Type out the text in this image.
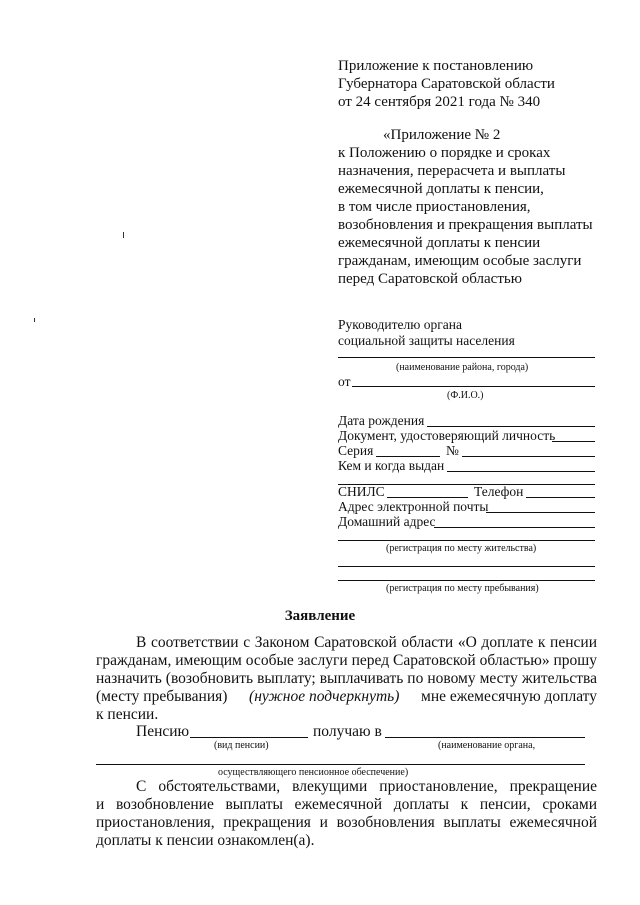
Приложение к постановлению
Губернатора Саратовской области
от 24 сентября 2021 года № 340
«Приложение № 2
к Положению о порядке и сроках
назначения, перерасчета и выплаты
ежемесячной доплаты к пенсии,
в том числе приостановления,
возобновления и прекращения выплаты
ежемесячной доплаты к пенсии
гражданам, имеющим особые заслуги
перед Саратовской областью
Руководителю органа
социальной защиты населения
(наименование района, города)
от
(Ф.И.О.)
Дата рождения
Документ, удостоверяющий личность
Серия	№
Кем и когда выдан
СНИЛС	Телефон
Адрес электронной почты
Домашний адрес
(регистрация по месту жительства)
(регистрация по месту пребывания)
Заявление
В соответствии с Законом Саратовской области «О доплате к пенсии
гражданам, имеющим особые заслуги перед Саратовской областью» прошу
назначить (возобновить выплату; выплачивать по новому месту жительства
(месту пребывания) (нужное подчеркнуть) мне ежемесячную доплату
к пенсии.
Пенсию	получаю в
(вид пенсии)	(наименование органа,
осуществляющего пенсионное обеспечение)
С обстоятельствами, влекущими приостановление, прекращение
и возобновление выплаты ежемесячной доплаты к пенсии, сроками
приостановления, прекращения и возобновления выплаты ежемесячной
доплаты к пенсии ознакомлен(а).
